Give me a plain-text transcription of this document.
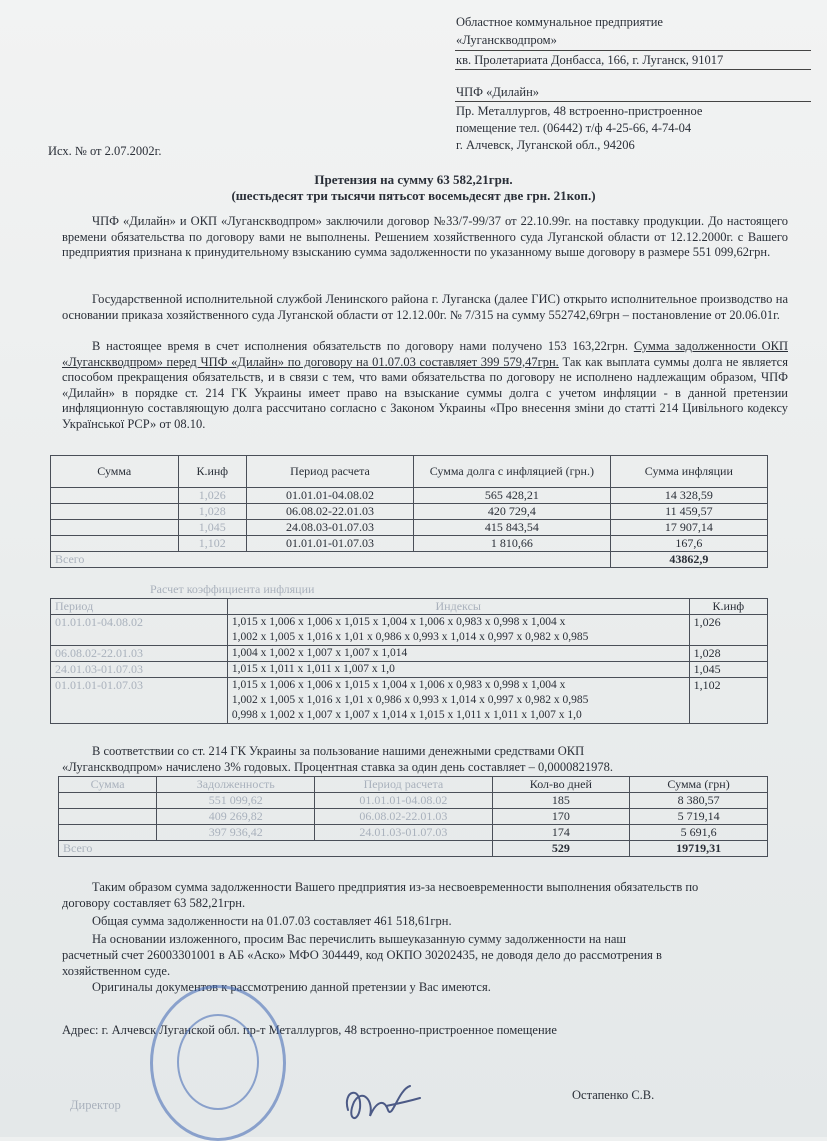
Областное коммунальное предприятие
«Луганскводпром»
кв. Пролетариата Донбасса, 166, г. Луганск, 91017
ЧПФ «Дилайн»
Пр. Металлургов, 48 встроенно-пристроенное
помещение тел. (06442) т/ф 4-25-66, 4-74-04
г. Алчевск, Луганской обл., 94206
Исх. № от 2.07.2002г.
Претензия на сумму 63 582,21грн.
(шестьдесят три тысячи пятьсот восемьдесят две грн. 21коп.)
ЧПФ «Дилайн» и ОКП «Луганскводпром» заключили договор №33/7-99/37 от 22.10.99г. на поставку продукции. До настоящего времени обязательства по договору вами не выполнены. Решением хозяйственного суда Луганской области от 12.12.2000г. с Вашего предприятия признана к принудительному взысканию сумма задолженности по указанному выше договору в размере 551 099,62грн.
Государственной исполнительной службой Ленинского района г. Луганска (далее ГИС) открыто исполнительное производство на основании приказа хозяйственного суда Луганской области от 12.12.00г. № 7/315 на сумму 552742,69грн – постановление от 20.06.01г.
В настоящее время в счет исполнения обязательств по договору нами получено 153 163,22грн. Сумма задолженности ОКП «Луганскводпром» перед ЧПФ «Дилайн» по договору на 01.07.03 составляет 399 579,47грн. Так как выплата суммы долга не является способом прекращения обязательств, и в связи с тем, что вами обязательства по договору не исполнено надлежащим образом, ЧПФ «Дилайн» в порядке ст. 214 ГК Украины имеет право на взыскание суммы долга с учетом инфляции - в данной претензии инфляционную составляющую долга рассчитано согласно с Законом Украины «Про внесення зміни до статті 214 Цивільного кодексу Української РСР» от 08.10.
Сумма	К.инф	Период расчета	Сумма долга с инфляцией (грн.)	Сумма инфляции
	1,026	01.01.01-04.08.02	565 428,21	14 328,59
	1,028	06.08.02-22.01.03	420 729,4	11 459,57
	1,045	24.08.03-01.07.03	415 843,54	17 907,14
	1,102	01.01.01-01.07.03	1 810,66	167,6
Всего				43862,9
Расчет коэффициента инфляции
Период	Индексы	К.инф
01.01.01-04.08.02	1,015 x 1,006 x 1,006 x 1,015 x 1,004 x 1,006 x 0,983 x 0,998 x 1,004 x
1,002 x 1,005 x 1,016 x 1,01 x 0,986 x 0,993 x 1,014 x 0,997 x 0,982 x 0,985	1,026
06.08.02-22.01.03	1,004 x 1,002 x 1,007 x 1,007 x 1,014	1,028
24.01.03-01.07.03	1,015 x 1,011 x 1,011 x 1,007 x 1,0	1,045
01.01.01-01.07.03	1,015 x 1,006 x 1,006 x 1,015 x 1,004 x 1,006 x 0,983 x 0,998 x 1,004 x
1,002 x 1,005 x 1,016 x 1,01 x 0,986 x 0,993 x 1,014 x 0,997 x 0,982 x 0,985
0,998 x 1,002 x 1,007 x 1,007 x 1,014 x 1,015 x 1,011 x 1,011 x 1,007 x 1,0	1,102
В соответствии со ст. 214 ГК Украины за пользование нашими денежными средствами ОКП
«Луганскводпром» начислено 3% годовых. Процентная ставка за один день составляет – 0,0000821978.
Сумма	Задолженность	Период расчета	Кол-во дней	Сумма (грн)
	551 099,62	01.01.01-04.08.02	185	8 380,57
	409 269,82	06.08.02-22.01.03	170	5 719,14
	397 936,42	24.01.03-01.07.03	174	5 691,6
Всего			529	19719,31
Таким образом сумма задолженности Вашего предприятия из-за несвоевременности выполнения обязательств по
договору составляет 63 582,21грн.
Общая сумма задолженности на 01.07.03 составляет 461 518,61грн.
На основании изложенного, просим Вас перечислить вышеуказанную сумму задолженности на наш
расчетный счет 26003301001 в АБ «Аско» МФО 304449, код ОКПО 30202435, не доводя дело до рассмотрения в
хозяйственном суде.
Оригиналы документов к рассмотрению данной претензии у Вас имеются.
Адрес: г. Алчевск Луганской обл. пр-т Металлургов, 48 встроенно-пристроенное помещение
Директор
Остапенко С.В.
